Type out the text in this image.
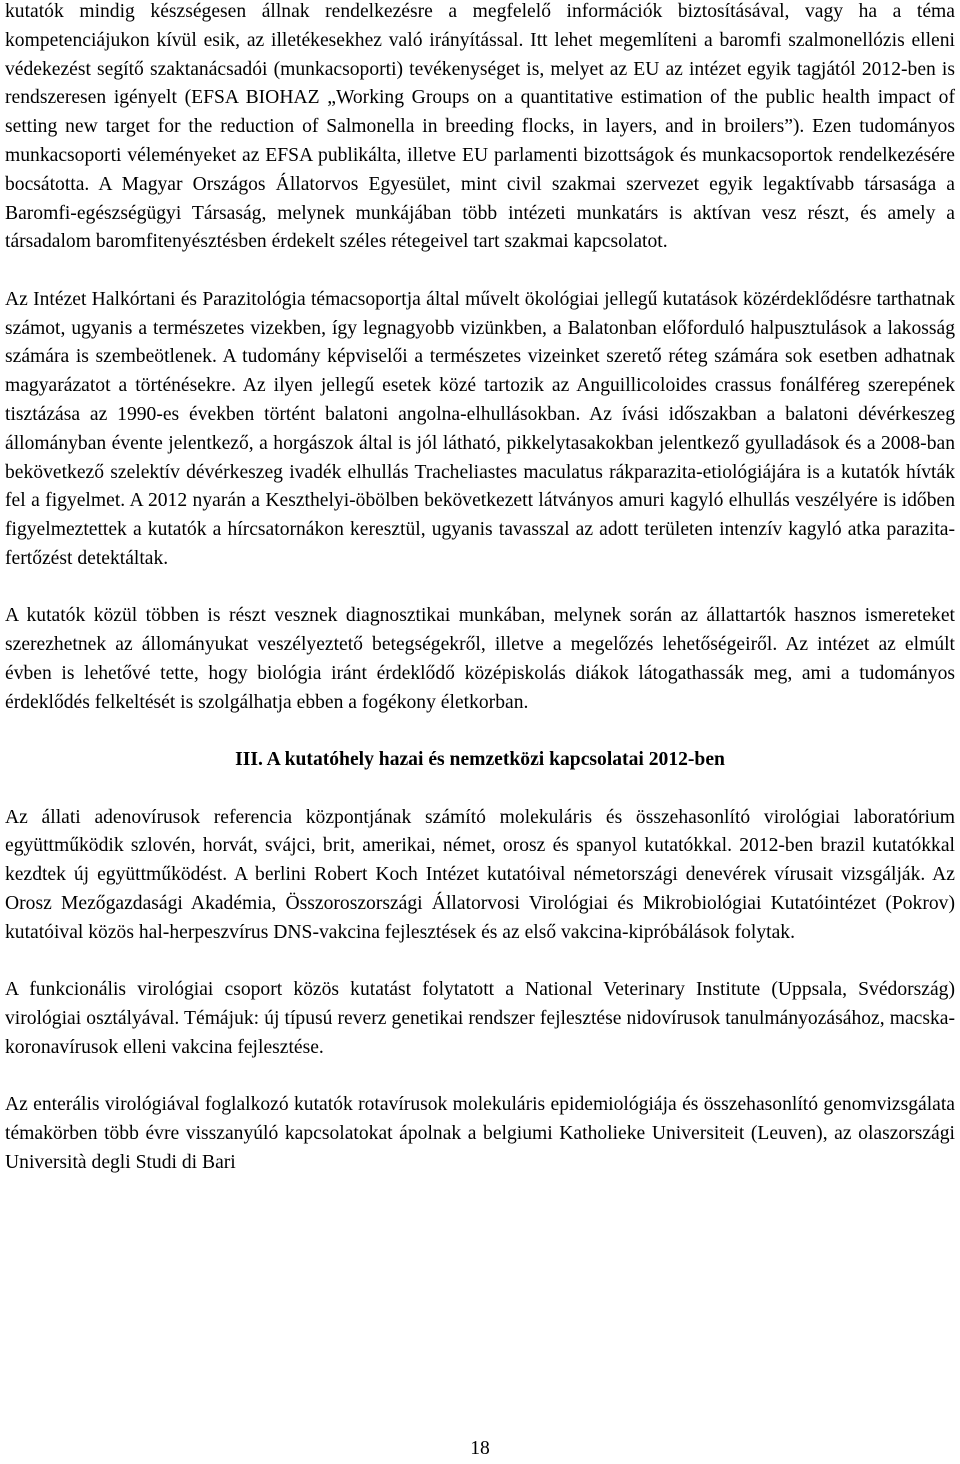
kutatók mindig készségesen állnak rendelkezésre a megfelelő információk biztosításával, vagy ha a téma kompetenciájukon kívül esik, az illetékesekhez való irányítással. Itt lehet megemlíteni a baromfi szalmonellózis elleni védekezést segítő szaktanácsadói (munkacsoporti) tevékenységet is, melyet az EU az intézet egyik tagjától 2012-ben is rendszeresen igényelt (EFSA BIOHAZ „Working Groups on a quantitative estimation of the public health impact of setting new target for the reduction of Salmonella in breeding flocks, in layers, and in broilers”). Ezen tudományos munkacsoporti véleményeket az EFSA publikálta, illetve EU parlamenti bizottságok és munkacsoportok rendelkezésére bocsátotta. A Magyar Országos Állatorvos Egyesület, mint civil szakmai szervezet egyik legaktívabb társasága a Baromfi-egészségügyi Társaság, melynek munkájában több intézeti munkatárs is aktívan vesz részt, és amely a társadalom baromfitenyésztésben érdekelt széles rétegeivel tart szakmai kapcsolatot.

Az Intézet Halkórtani és Parazitológia témacsoportja által művelt ökológiai jellegű kutatások közérdeklődésre tarthatnak számot, ugyanis a természetes vizekben, így legnagyobb vizünkben, a Balatonban előforduló halpusztulások a lakosság számára is szembeötlenek. A tudomány képviselői a természetes vizeinket szerető réteg számára sok esetben adhatnak magyarázatot a történésekre. Az ilyen jellegű esetek közé tartozik az Anguillicoloides crassus fonálféreg szerepének tisztázása az 1990-es években történt balatoni angolna-elhullásokban. Az ívási időszakban a balatoni dévérkeszeg állományban évente jelentkező, a horgászok által is jól látható, pikkelytasakokban jelentkező gyulladások és a 2008-ban bekövetkező szelektív dévérkeszeg ivadék elhullás Tracheliastes maculatus rákparazita-etiológiájára is a kutatók hívták fel a figyelmet. A 2012 nyarán a Keszthelyi-öbölben bekövetkezett látványos amuri kagyló elhullás veszélyére is időben figyelmeztettek a kutatók a hírcsatornákon keresztül, ugyanis tavasszal az adott területen intenzív kagyló atka parazita-fertőzést detektáltak.

A kutatók közül többen is részt vesznek diagnosztikai munkában, melynek során az állattartók hasznos ismereteket szerezhetnek az állományukat veszélyeztető betegségekről, illetve a megelőzés lehetőségeiről. Az intézet az elmúlt évben is lehetővé tette, hogy biológia iránt érdeklődő középiskolás diákok látogathassák meg, ami a tudományos érdeklődés felkeltését is szolgálhatja ebben a fogékony életkorban.

III. A kutatóhely hazai és nemzetközi kapcsolatai 2012-ben

Az állati adenovírusok referencia központjának számító molekuláris és összehasonlító virológiai laboratórium együttműködik szlovén, horvát, svájci, brit, amerikai, német, orosz és spanyol kutatókkal. 2012-ben brazil kutatókkal kezdtek új együttműködést. A berlini Robert Koch Intézet kutatóival németországi denevérek vírusait vizsgálják. Az Orosz Mezőgazdasági Akadémia, Összoroszországi Állatorvosi Virológiai és Mikrobiológiai Kutatóintézet (Pokrov) kutatóival közös hal-herpeszvírus DNS-vakcina fejlesztések és az első vakcina-kipróbálások folytak.

A funkcionális virológiai csoport közös kutatást folytatott a National Veterinary Institute (Uppsala, Svédország) virológiai osztályával. Témájuk: új típusú reverz genetikai rendszer fejlesztése nidovírusok tanulmányozásához, macska-koronavírusok elleni vakcina fejlesztése.

Az enterális virológiával foglalkozó kutatók rotavírusok molekuláris epidemiológiája és összehasonlító genomvizsgálata témakörben több évre visszanyúló kapcsolatokat ápolnak a belgiumi Katholieke Universiteit (Leuven), az olaszországi Università degli Studi di Bari

18
